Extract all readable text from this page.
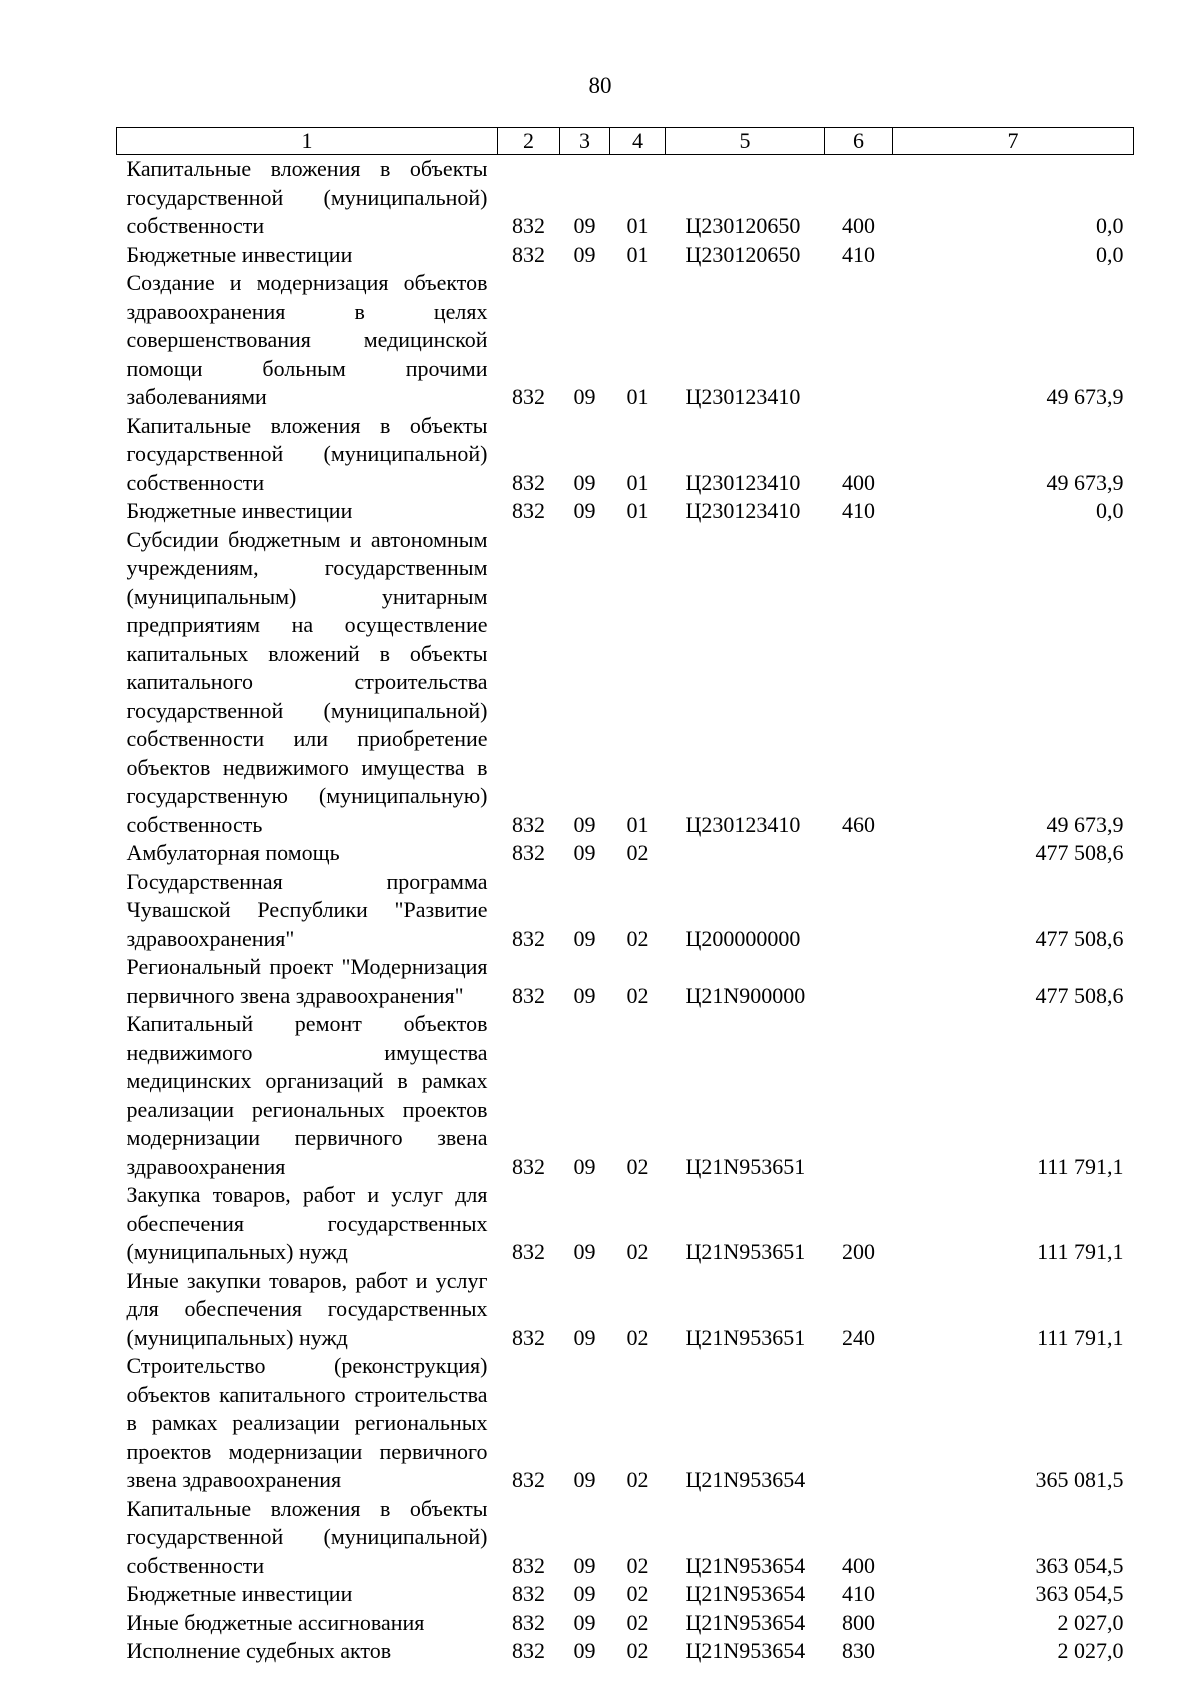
80
1	2	3	4	5	6	7
Капитальные вложения в объекты государственной (муниципальной) собственности	832	09	01	Ц230120650	400	0,0
Бюджетные инвестиции	832	09	01	Ц230120650	410	0,0
Создание и модернизация объектов здравоохранения в целях совершенствования медицинской помощи больным прочими заболеваниями	832	09	01	Ц230123410		49 673,9
Капитальные вложения в объекты государственной (муниципальной) собственности	832	09	01	Ц230123410	400	49 673,9
Бюджетные инвестиции	832	09	01	Ц230123410	410	0,0
Субсидии бюджетным и автономным учреждениям, государственным (муниципальным) унитарным предприятиям на осуществление капитальных вложений в объекты капитального строительства государственной (муниципальной) собственности или приобретение объектов недвижимого имущества в государственную (муниципальную) собственность	832	09	01	Ц230123410	460	49 673,9
Амбулаторная помощь	832	09	02			477 508,6
Государственная программа Чувашской Республики "Развитие здравоохранения"	832	09	02	Ц200000000		477 508,6
Региональный проект "Модернизация первичного звена здравоохранения"	832	09	02	Ц21N900000		477 508,6
Капитальный ремонт объектов недвижимого имущества медицинских организаций в рамках реализации региональных проектов модернизации первичного звена здравоохранения	832	09	02	Ц21N953651		111 791,1
Закупка товаров, работ и услуг для обеспечения государственных (муниципальных) нужд	832	09	02	Ц21N953651	200	111 791,1
Иные закупки товаров, работ и услуг для обеспечения государственных (муниципальных) нужд	832	09	02	Ц21N953651	240	111 791,1
Строительство (реконструкция) объектов капитального строительства в рамках реализации региональных проектов модернизации первичного звена здравоохранения	832	09	02	Ц21N953654		365 081,5
Капитальные вложения в объекты государственной (муниципальной) собственности	832	09	02	Ц21N953654	400	363 054,5
Бюджетные инвестиции	832	09	02	Ц21N953654	410	363 054,5
Иные бюджетные ассигнования	832	09	02	Ц21N953654	800	2 027,0
Исполнение судебных актов	832	09	02	Ц21N953654	830	2 027,0
